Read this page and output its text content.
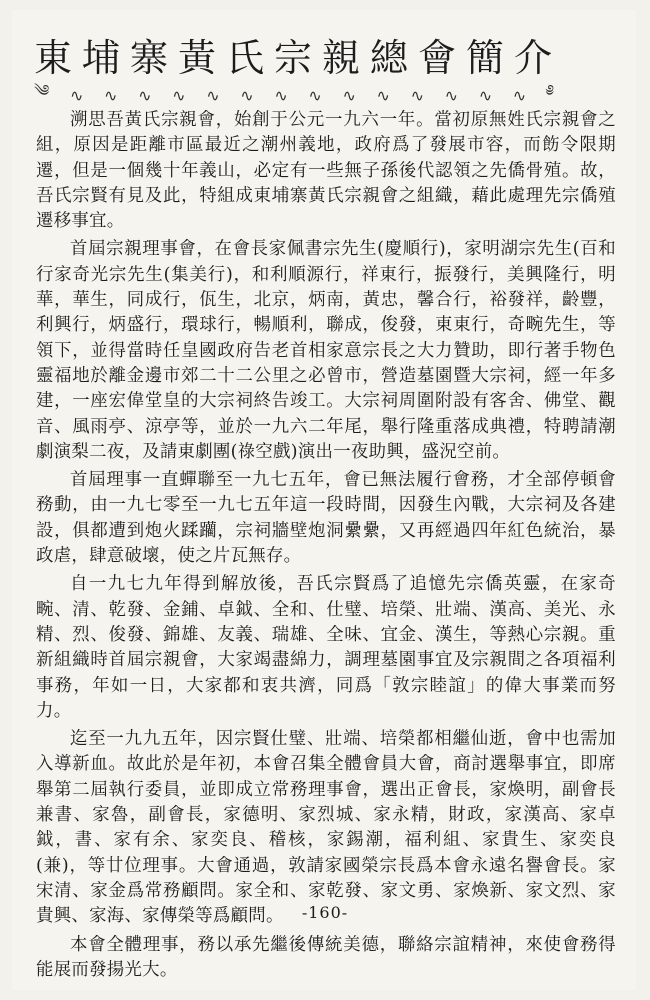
東埔寨黃氏宗親總會簡介
༄ ∿ ∿ ∿ ∿ ∿ ∿ ∿ ∿ ∿ ∿ ∿ ∿ ∿ ∿ ༅

溯思吾黃氏宗親會，始創于公元一九六一年。當初原無姓氏宗親會之組，原因是距離市區最近之潮州義地，政府爲了發展市容，而飭令限期遷，但是一個幾十年義山，必定有一些無子孫後代認領之先僑骨殖。故，吾氏宗賢有見及此，特組成東埔寨黃氏宗親會之組織，藉此處理先宗僑殖遷移事宜。

首屆宗親理事會，在會長家佩書宗先生(慶順行)，家明湖宗先生(百和行家奇光宗先生(集美行)，和利順源行，祥東行，振發行，美興隆行，明華，華生，同成行，佤生，北京，炳南，黃忠，馨合行，裕發祥，齡豐，利興行，炳盛行，環球行，暢順利，聯成，俊發，東東行，奇畹先生，等領下，並得當時任皇國政府告老首相家意宗長之大力贊助，即行著手物色靈福地於離金邊市郊二十二公里之必曾市，營造墓園暨大宗祠，經一年多建，一座宏偉堂皇的大宗祠終告竣工。大宗祠周圍附設有客舍、佛堂、觀音、風雨亭、涼亭等，並於一九六二年尾，舉行隆重落成典禮，特聘請潮劇演梨二夜，及請東劇團(祿空戲)演出一夜助興，盛況空前。

首屆理事一直蟬聯至一九七五年，會已無法履行會務，才全部停頓會務動，由一九七零至一九七五年這一段時間，因發生內戰，大宗祠及各建設，俱都遭到炮火蹂躪，宗祠牆壁炮洞纍纍，又再經過四年紅色統治，暴政虐，肆意破壞，使之片瓦無存。

自一九七九年得到解放後，吾氏宗賢爲了追憶先宗僑英靈，在家奇畹、清、乾發、金鋪、卓鉞、全和、仕璧、培榮、壯端、漢高、美光、永精、烈、俊發、錦雄、友義、瑞雄、全味、宜金、漢生，等熱心宗親。重新組織時首屆宗親會，大家竭盡綿力，調理墓園事宜及宗親間之各項福利事務，年如一日，大家都和衷共濟，同爲「敦宗睦誼」的偉大事業而努力。

迄至一九九五年，因宗賢仕璧、壯端、培榮都相繼仙逝，會中也需加入導新血。故此於是年初，本會召集全體會員大會，商討選舉事宜，即席舉第二屆執行委員，並即成立常務理事會，選出正會長，家煥明，副會長兼書、家魯，副會長，家德明、家烈城、家永精，財政，家漢高、家卓鉞，書、家有余、家奕良、稽核，家錫潮，福利組、家貴生、家奕良(兼)，等廿位理事。大會通過，敦請家國榮宗長爲本會永遠名譽會長。家宋清、家金爲常務顧問。家全和、家乾發、家文勇、家煥新、家文烈、家貴興、家海、家傳榮等爲顧問。

本會全體理事，務以承先繼後傳統美德，聯絡宗誼精神，來使會務得能展而發揚光大。

-160-
